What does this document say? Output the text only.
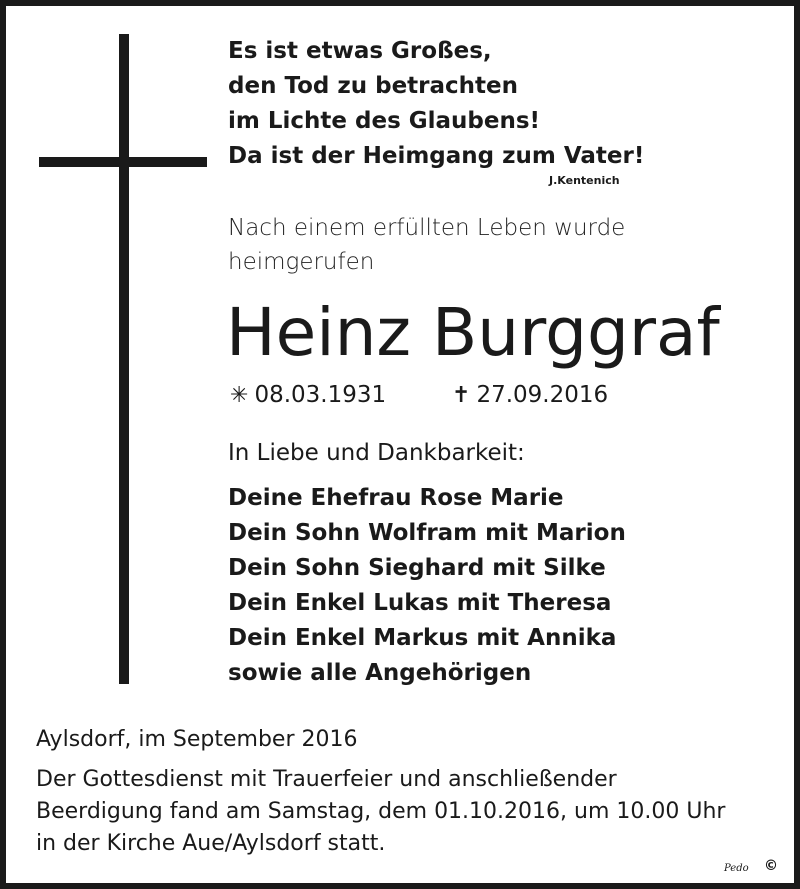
Es ist etwas Großes,
den Tod zu betrachten
im Lichte des Glaubens!
Da ist der Heimgang zum Vater!
J.Kentenich
Nach einem erfüllten Leben wurde
heimgerufen
Heinz Burggraf
✳ 08.03.1931	✝ 27.09.2016
In Liebe und Dankbarkeit:
Deine Ehefrau Rose Marie
Dein Sohn Wolfram mit Marion
Dein Sohn Sieghard mit Silke
Dein Enkel Lukas mit Theresa
Dein Enkel Markus mit Annika
sowie alle Angehörigen
Aylsdorf, im September 2016
Der Gottesdienst mit Trauerfeier und anschließender
Beerdigung fand am Samstag, dem 01.10.2016, um 10.00 Uhr
in der Kirche Aue/Aylsdorf statt.
Pedo ©
